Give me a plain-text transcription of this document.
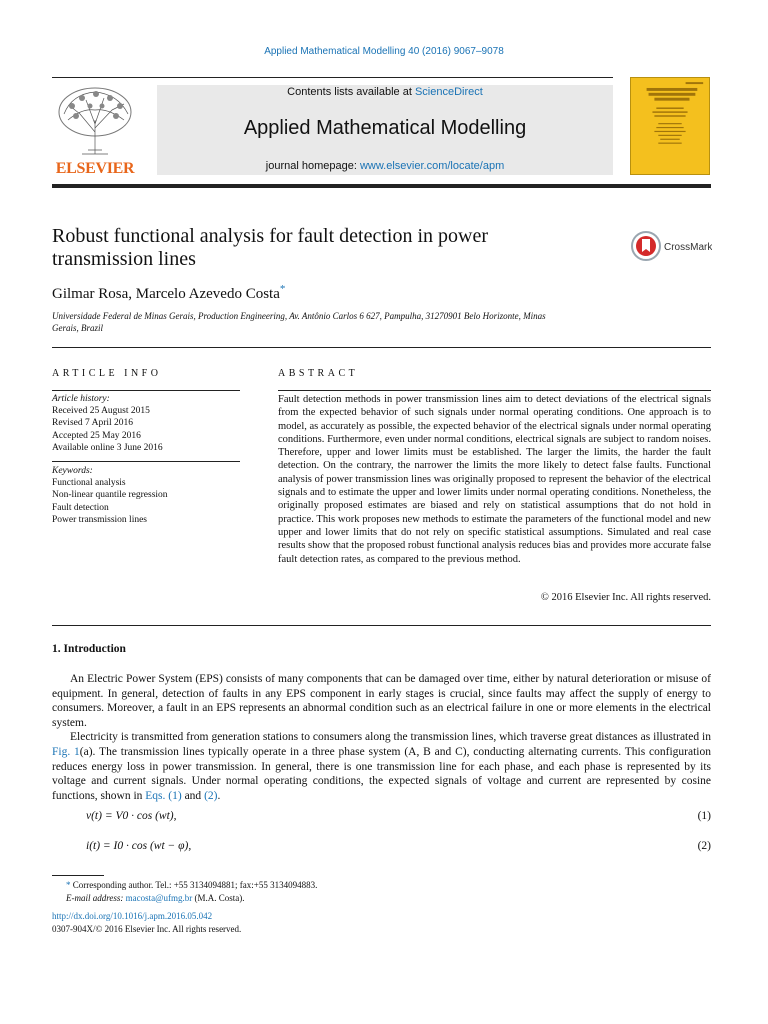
Applied Mathematical Modelling 40 (2016) 9067–9078
ELSEVIER
Contents lists available at ScienceDirect
Applied Mathematical Modelling
journal homepage: www.elsevier.com/locate/apm
Robust functional analysis for fault detection in power transmission lines
CrossMark
Gilmar Rosa, Marcelo Azevedo Costa*
Universidade Federal de Minas Gerais, Production Engineering, Av. Antônio Carlos 6 627, Pampulha, 31270901 Belo Horizonte, Minas Gerais, Brazil
ARTICLE INFO	ABSTRACT
Article history:
Received 25 August 2015
Revised 7 April 2016
Accepted 25 May 2016
Available online 3 June 2016
Keywords:
Functional analysis
Non-linear quantile regression
Fault detection
Power transmission lines
Fault detection methods in power transmission lines aim to detect deviations of the electrical signals from the expected behavior of such signals under normal operating conditions. One approach is to model, as accurately as possible, the expected behavior of the electrical signals under normal operating conditions. Furthermore, even under normal conditions, electrical signals are subject to random noises. Therefore, upper and lower limits must be established. The larger the limits, the harder the fault detection. On the contrary, the narrower the limits the more likely to detect false faults. Functional analysis of power transmission lines was originally proposed to represent the behavior of the electrical signals and to estimate the upper and lower limits under normal operating conditions. Nonetheless, the originally proposed estimates are biased and rely on statistical assumptions that do not hold in practice. This work proposes new methods to estimate the parameters of the functional model and new upper and lower limits that do not rely on specific statistical assumptions. Simulated and real case results show that the proposed robust functional analysis reduces bias and provides more accurate false fault detection rates, as compared to the previous method.
© 2016 Elsevier Inc. All rights reserved.
1. Introduction

An Electric Power System (EPS) consists of many components that can be damaged over time, either by natural deterioration or misuse of equipment. In general, detection of faults in any EPS component in early stages is crucial, since faults may affect the supply of energy to consumers. Moreover, a fault in an EPS represents an abnormal condition such as an electrical failure in one or more elements in the electrical system.

Electricity is transmitted from generation stations to consumers along the transmission lines, which traverse great distances as illustrated in Fig. 1(a). The transmission lines typically operate in a three phase system (A, B and C), conducting alternating currents. This configuration reduces energy loss in power transmission. In general, there is one transmission line for each phase, and each phase is represented by its voltage and current signals. Under normal operating conditions, the expected signals of voltage and current are represented by cosine functions, shown in Eqs. (1) and (2).

v(t) = V0 · cos (wt),	(1)
i(t) = I0 · cos (wt − φ),	(2)
* Corresponding author. Tel.: +55 3134094881; fax:+55 3134094883.
E-mail address: macosta@ufmg.br (M.A. Costa).
http://dx.doi.org/10.1016/j.apm.2016.05.042
0307-904X/© 2016 Elsevier Inc. All rights reserved.
